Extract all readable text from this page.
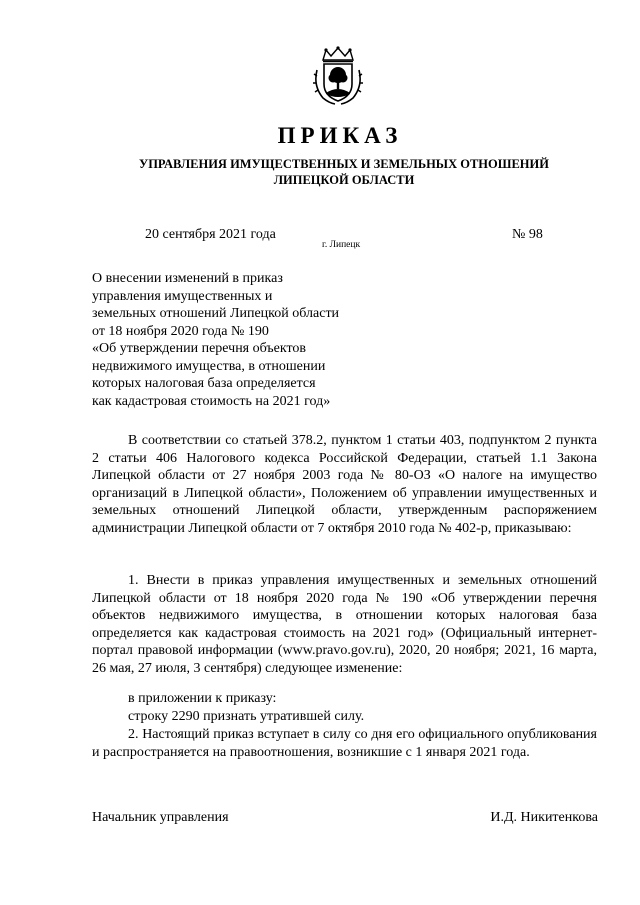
ПРИКАЗ
УПРАВЛЕНИЯ ИМУЩЕСТВЕННЫХ И ЗЕМЕЛЬНЫХ ОТНОШЕНИЙ
ЛИПЕЦКОЙ ОБЛАСТИ
20 сентября 2021 года
г. Липецк
№ 98
О внесении изменений в приказ
управления имущественных и
земельных отношений Липецкой области
от 18 ноября 2020 года № 190
«Об утверждении перечня объектов
недвижимого имущества, в отношении
которых налоговая база определяется
как кадастровая стоимость на 2021 год»
В соответствии со статьей 378.2, пунктом 1 статьи 403, подпунктом 2 пункта 2 статьи 406 Налогового кодекса Российской Федерации, статьей 1.1 Закона Липецкой области от 27 ноября 2003 года № 80-ОЗ «О налоге на имущество организаций в Липецкой области», Положением об управлении имущественных и земельных отношений Липецкой области, утвержденным распоряжением администрации Липецкой области от 7 октября 2010 года № 402-р, приказываю:
1. Внести в приказ управления имущественных и земельных отношений Липецкой области от 18 ноября 2020 года № 190 «Об утверждении перечня объектов недвижимого имущества, в отношении которых налоговая база определяется как кадастровая стоимость на 2021 год» (Официальный интернет-портал правовой информации (www.pravo.gov.ru), 2020, 20 ноября; 2021, 16 марта, 26 мая, 27 июля, 3 сентября) следующее изменение:
в приложении к приказу:
строку 2290 признать утратившей силу.
2. Настоящий приказ вступает в силу со дня его официального опубликования и распространяется на правоотношения, возникшие с 1 января 2021 года.
Начальник управления	И.Д. Никитенкова
